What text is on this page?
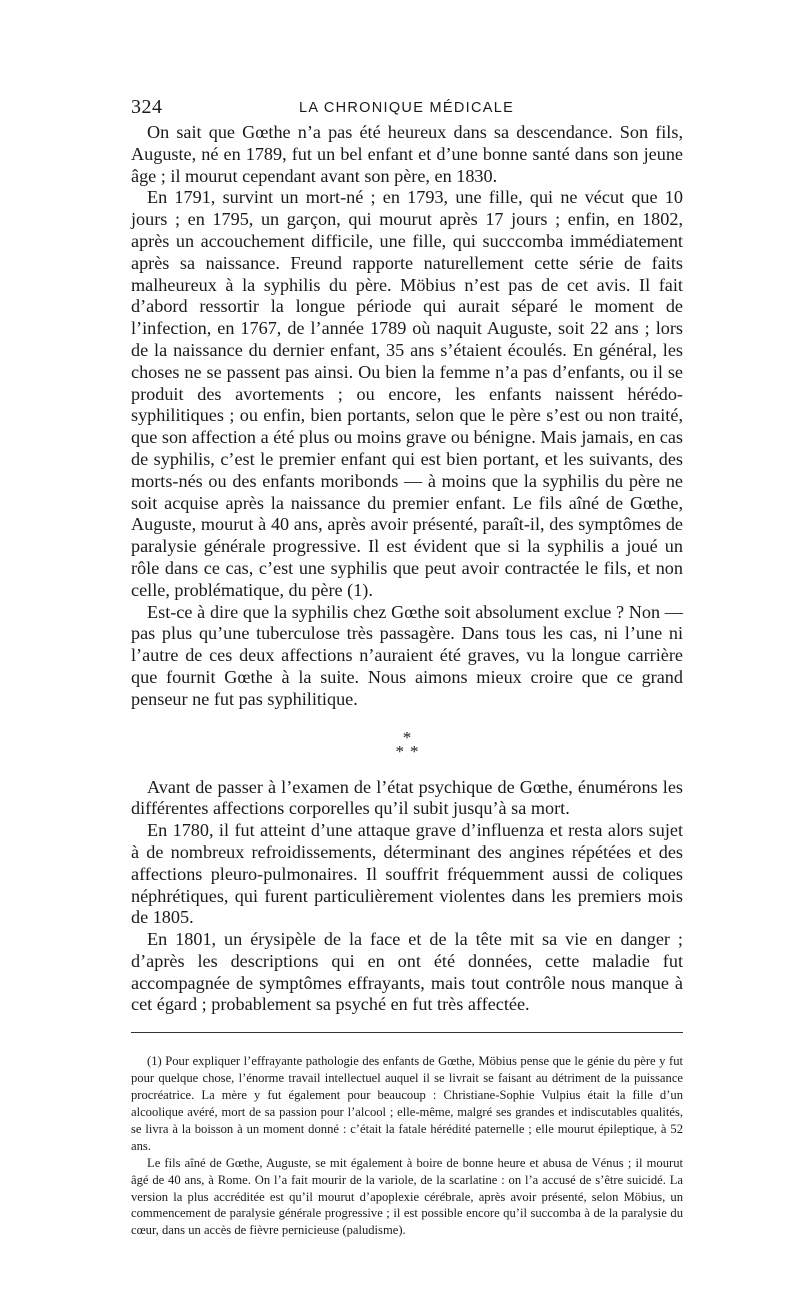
324	LA CHRONIQUE MÉDICALE

On sait que Gœthe n’a pas été heureux dans sa descendance. Son fils, Auguste, né en 1789, fut un bel enfant et d’une bonne santé dans son jeune âge ; il mourut cependant avant son père, en 1830.

En 1791, survint un mort-né ; en 1793, une fille, qui ne vécut que 10 jours ; en 1795, un garçon, qui mourut après 17 jours ; enfin, en 1802, après un accouchement difficile, une fille, qui succcomba immédiatement après sa naissance. Freund rapporte naturellement cette série de faits malheureux à la syphilis du père. Möbius n’est pas de cet avis. Il fait d’abord ressortir la longue période qui aurait séparé le moment de l’infection, en 1767, de l’année 1789 où naquit Auguste, soit 22 ans ; lors de la naissance du dernier enfant, 35 ans s’étaient écoulés. En général, les choses ne se passent pas ainsi. Ou bien la femme n’a pas d’enfants, ou il se produit des avortements ; ou encore, les enfants naissent hérédo-syphilitiques ; ou enfin, bien portants, selon que le père s’est ou non traité, que son affection a été plus ou moins grave ou bénigne. Mais jamais, en cas de syphilis, c’est le premier enfant qui est bien portant, et les suivants, des morts-nés ou des enfants moribonds — à moins que la syphilis du père ne soit acquise après la naissance du premier enfant. Le fils aîné de Gœthe, Auguste, mourut à 40 ans, après avoir présenté, paraît-il, des symptômes de paralysie générale progressive. Il est évident que si la syphilis a joué un rôle dans ce cas, c’est une syphilis que peut avoir contractée le fils, et non celle, problématique, du père (1).

Est-ce à dire que la syphilis chez Gœthe soit absolument exclue ? Non — pas plus qu’une tuberculose très passagère. Dans tous les cas, ni l’une ni l’autre de ces deux affections n’auraient été graves, vu la longue carrière que fournit Gœthe à la suite. Nous aimons mieux croire que ce grand penseur ne fut pas syphilitique.

*
**

Avant de passer à l’examen de l’état psychique de Gœthe, énumérons les différentes affections corporelles qu’il subit jusqu’à sa mort.

En 1780, il fut atteint d’une attaque grave d’influenza et resta alors sujet à de nombreux refroidissements, déterminant des angines répétées et des affections pleuro-pulmonaires. Il souffrit fréquemment aussi de coliques néphrétiques, qui furent particulièrement violentes dans les premiers mois de 1805.

En 1801, un érysipèle de la face et de la tête mit sa vie en danger ; d’après les descriptions qui en ont été données, cette maladie fut accompagnée de symptômes effrayants, mais tout contrôle nous manque à cet égard ; probablement sa psyché en fut très affectée.

(1) Pour expliquer l’effrayante pathologie des enfants de Gœthe, Möbius pense que le génie du père y fut pour quelque chose, l’énorme travail intellectuel auquel il se livrait se faisant au détriment de la puissance procréatrice. La mère y fut également pour beaucoup : Christiane-Sophie Vulpius était la fille d’un alcoolique avéré, mort de sa passion pour l’alcool ; elle-même, malgré ses grandes et indiscutables qualités, se livra à la boisson à un moment donné : c’était la fatale hérédité paternelle ; elle mourut épileptique, à 52 ans.

Le fils aîné de Gœthe, Auguste, se mit également à boire de bonne heure et abusa de Vénus ; il mourut âgé de 40 ans, à Rome. On l’a fait mourir de la variole, de la scarlatine : on l’a accusé de s’être suicidé. La version la plus accréditée est qu’il mourut d’apoplexie cérébrale, après avoir présenté, selon Möbius, un commencement de paralysie générale progressive ; il est possible encore qu’il succomba à de la paralysie du cœur, dans un accès de fièvre pernicieuse (paludisme).
